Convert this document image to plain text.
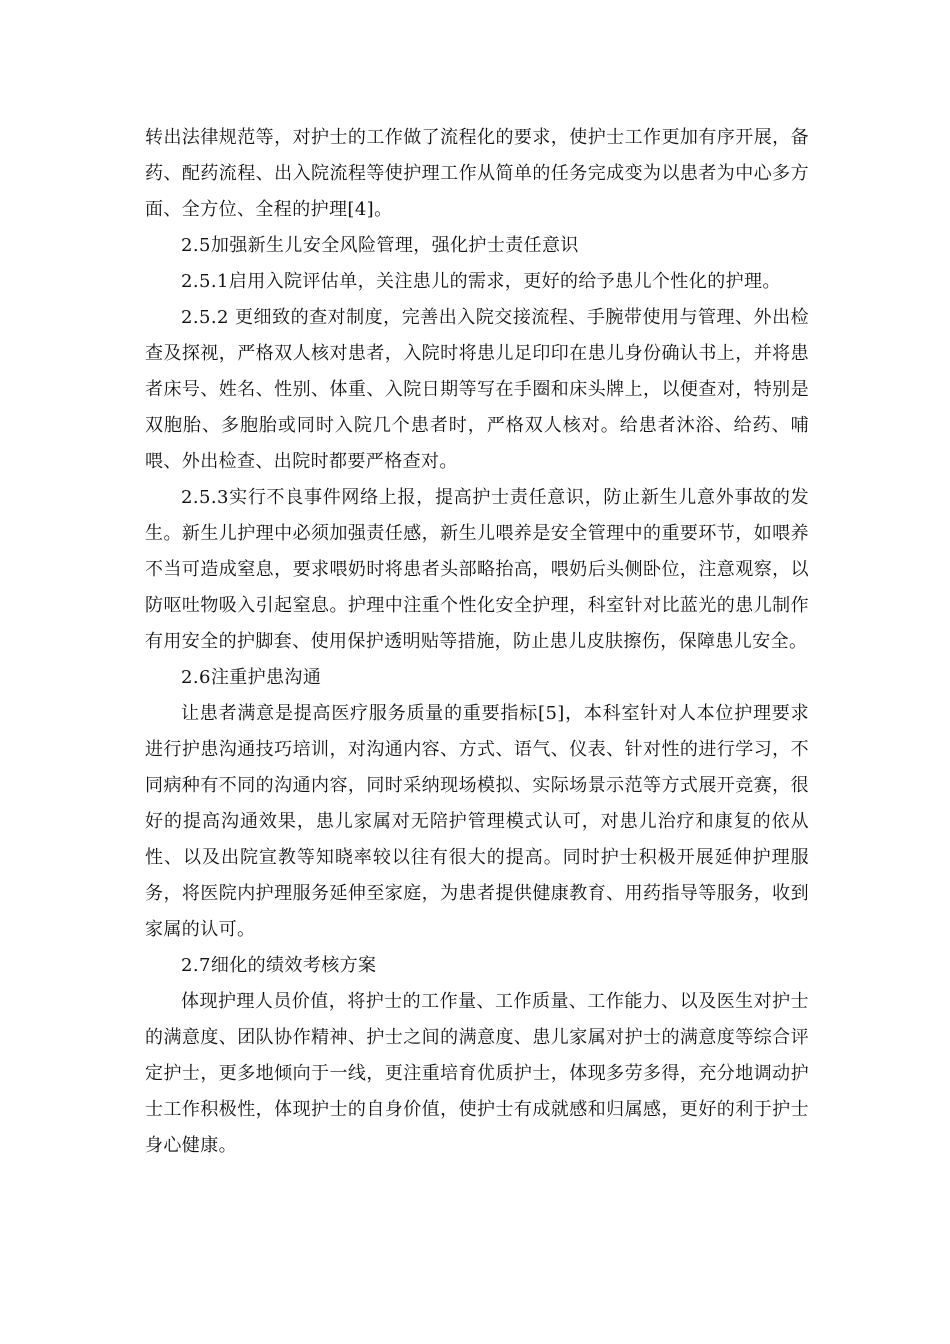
转出法律规范等，对护士的工作做了流程化的要求，使护士工作更加有序开展，备药、配药流程、出入院流程等使护理工作从简单的任务完成变为以患者为中心多方面、全方位、全程的护理[4]。

2.5加强新生儿安全风险管理，强化护士责任意识

2.5.1启用入院评估单，关注患儿的需求，更好的给予患儿个性化的护理。

2.5.2 更细致的查对制度，完善出入院交接流程、手腕带使用与管理、外出检查及探视，严格双人核对患者，入院时将患儿足印印在患儿身份确认书上，并将患者床号、姓名、性别、体重、入院日期等写在手圈和床头牌上，以便查对，特别是双胞胎、多胞胎或同时入院几个患者时，严格双人核对。给患者沐浴、给药、哺喂、外出检查、出院时都要严格查对。

2.5.3实行不良事件网络上报，提高护士责任意识，防止新生儿意外事故的发生。新生儿护理中必须加强责任感，新生儿喂养是安全管理中的重要环节，如喂养不当可造成窒息，要求喂奶时将患者头部略抬高，喂奶后头侧卧位，注意观察，以防呕吐物吸入引起窒息。护理中注重个性化安全护理，科室针对比蓝光的患儿制作有用安全的护脚套、使用保护透明贴等措施，防止患儿皮肤擦伤，保障患儿安全。

2.6注重护患沟通

让患者满意是提高医疗服务质量的重要指标[5]，本科室针对人本位护理要求进行护患沟通技巧培训，对沟通内容、方式、语气、仪表、针对性的进行学习，不同病种有不同的沟通内容，同时采纳现场模拟、实际场景示范等方式展开竞赛，很好的提高沟通效果，患儿家属对无陪护管理模式认可，对患儿治疗和康复的依从性、以及出院宣教等知晓率较以往有很大的提高。同时护士积极开展延伸护理服务，将医院内护理服务延伸至家庭，为患者提供健康教育、用药指导等服务，收到家属的认可。

2.7细化的绩效考核方案

体现护理人员价值，将护士的工作量、工作质量、工作能力、以及医生对护士的满意度、团队协作精神、护士之间的满意度、患儿家属对护士的满意度等综合评定护士，更多地倾向于一线，更注重培育优质护士，体现多劳多得，充分地调动护士工作积极性，体现护士的自身价值，使护士有成就感和归属感，更好的利于护士身心健康。
